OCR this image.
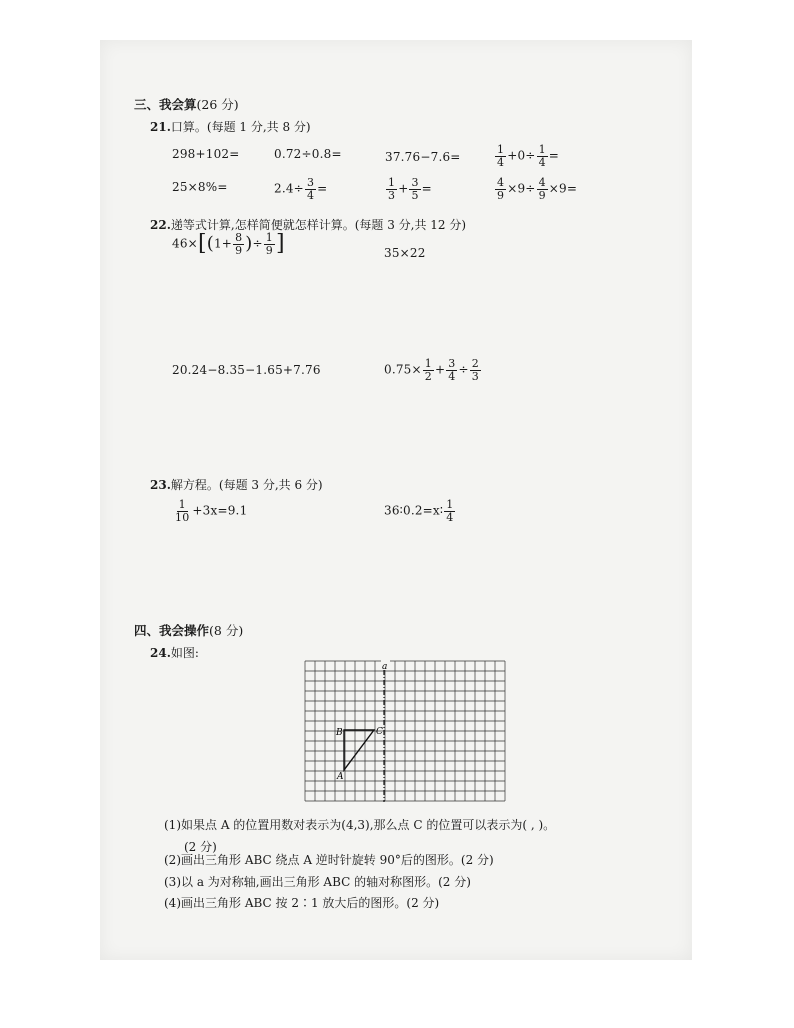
三、我会算(26 分)
21.口算。(每题 1 分,共 8 分)
298+102=	0.72÷0.8=	37.76−7.6=	$\frac{1}{4} +0\div \frac{1}{4}$ =
25×8%=	$2.4\div \frac{3}{4}$ =	$\frac{1}{3} + \frac{3}{5}$ =	$\frac{4}{9} \times 9\div \frac{4}{9} \times 9=$
22.递等式计算,怎样简便就怎样计算。(每题 3 分,共 12 分)
$46\times[(1+ \frac{8}{9}$ )÷ $\frac{1}{9}$ ]	35×22
20.24−8.35−1.65+7.76	$0.75\times \frac{1}{2} + \frac{3}{4} \div \frac{2}{3}$
23.解方程。(每题 3 分,共 6 分)
$\frac{1}{10} +3x=9.1$	36∶0.2=x∶ $\frac{1}{4}$
四、我会操作(8 分)
24.如图:
a
B	C
A
(1)如果点 A 的位置用数对表示为(4,3),那么点 C 的位置可以表示为( , )。
(2 分)
(2)画出三角形 ABC 绕点 A 逆时针旋转 90°后的图形。(2 分)
(3)以 a 为对称轴,画出三角形 ABC 的轴对称图形。(2 分)
(4)画出三角形 ABC 按 2∶1 放大后的图形。(2 分)
